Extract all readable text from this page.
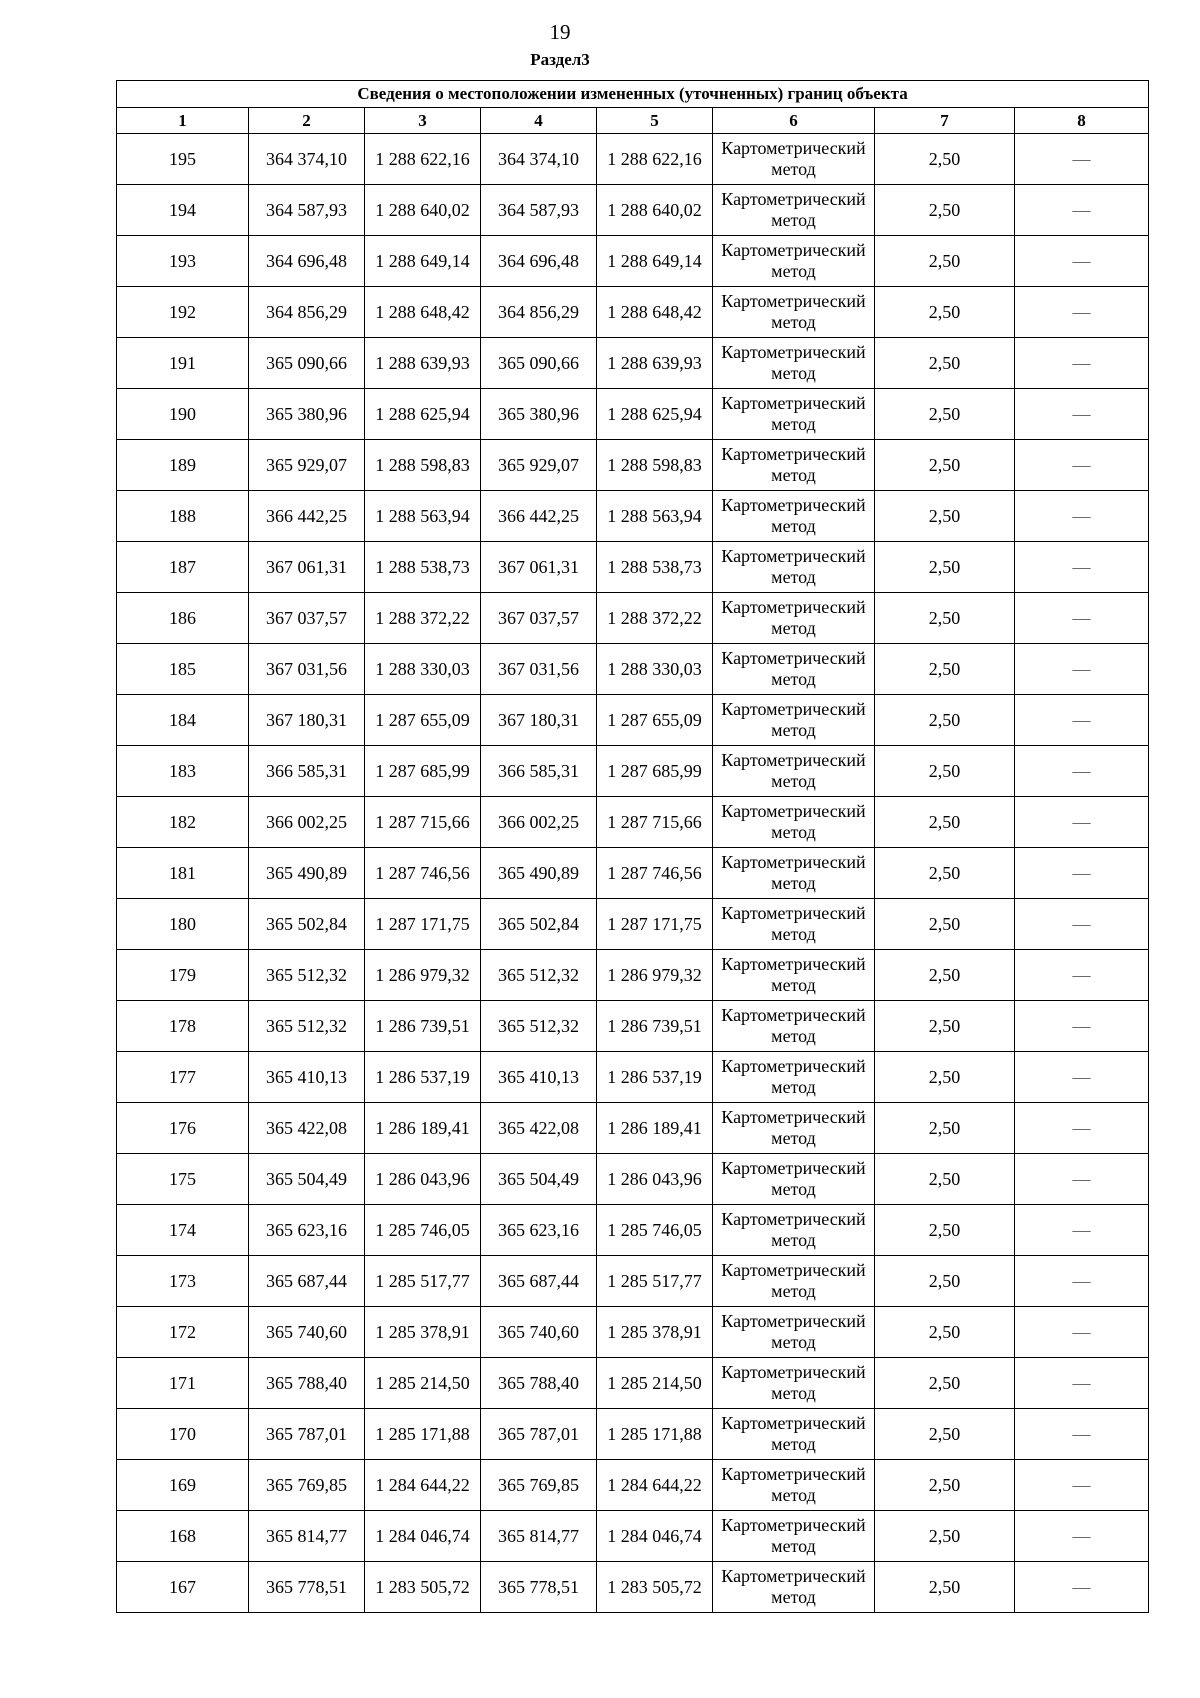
19
Раздел3
Сведения о местоположении измененных (уточненных) границ объекта							
1	2	3	4	5	6	7	8
195	364 374,10	1 288 622,16	364 374,10	1 288 622,16	Картометрический метод	2,50	—
194	364 587,93	1 288 640,02	364 587,93	1 288 640,02	Картометрический метод	2,50	—
193	364 696,48	1 288 649,14	364 696,48	1 288 649,14	Картометрический метод	2,50	—
192	364 856,29	1 288 648,42	364 856,29	1 288 648,42	Картометрический метод	2,50	—
191	365 090,66	1 288 639,93	365 090,66	1 288 639,93	Картометрический метод	2,50	—
190	365 380,96	1 288 625,94	365 380,96	1 288 625,94	Картометрический метод	2,50	—
189	365 929,07	1 288 598,83	365 929,07	1 288 598,83	Картометрический метод	2,50	—
188	366 442,25	1 288 563,94	366 442,25	1 288 563,94	Картометрический метод	2,50	—
187	367 061,31	1 288 538,73	367 061,31	1 288 538,73	Картометрический метод	2,50	—
186	367 037,57	1 288 372,22	367 037,57	1 288 372,22	Картометрический метод	2,50	—
185	367 031,56	1 288 330,03	367 031,56	1 288 330,03	Картометрический метод	2,50	—
184	367 180,31	1 287 655,09	367 180,31	1 287 655,09	Картометрический метод	2,50	—
183	366 585,31	1 287 685,99	366 585,31	1 287 685,99	Картометрический метод	2,50	—
182	366 002,25	1 287 715,66	366 002,25	1 287 715,66	Картометрический метод	2,50	—
181	365 490,89	1 287 746,56	365 490,89	1 287 746,56	Картометрический метод	2,50	—
180	365 502,84	1 287 171,75	365 502,84	1 287 171,75	Картометрический метод	2,50	—
179	365 512,32	1 286 979,32	365 512,32	1 286 979,32	Картометрический метод	2,50	—
178	365 512,32	1 286 739,51	365 512,32	1 286 739,51	Картометрический метод	2,50	—
177	365 410,13	1 286 537,19	365 410,13	1 286 537,19	Картометрический метод	2,50	—
176	365 422,08	1 286 189,41	365 422,08	1 286 189,41	Картометрический метод	2,50	—
175	365 504,49	1 286 043,96	365 504,49	1 286 043,96	Картометрический метод	2,50	—
174	365 623,16	1 285 746,05	365 623,16	1 285 746,05	Картометрический метод	2,50	—
173	365 687,44	1 285 517,77	365 687,44	1 285 517,77	Картометрический метод	2,50	—
172	365 740,60	1 285 378,91	365 740,60	1 285 378,91	Картометрический метод	2,50	—
171	365 788,40	1 285 214,50	365 788,40	1 285 214,50	Картометрический метод	2,50	—
170	365 787,01	1 285 171,88	365 787,01	1 285 171,88	Картометрический метод	2,50	—
169	365 769,85	1 284 644,22	365 769,85	1 284 644,22	Картометрический метод	2,50	—
168	365 814,77	1 284 046,74	365 814,77	1 284 046,74	Картометрический метод	2,50	—
167	365 778,51	1 283 505,72	365 778,51	1 283 505,72	Картометрический метод	2,50	—
